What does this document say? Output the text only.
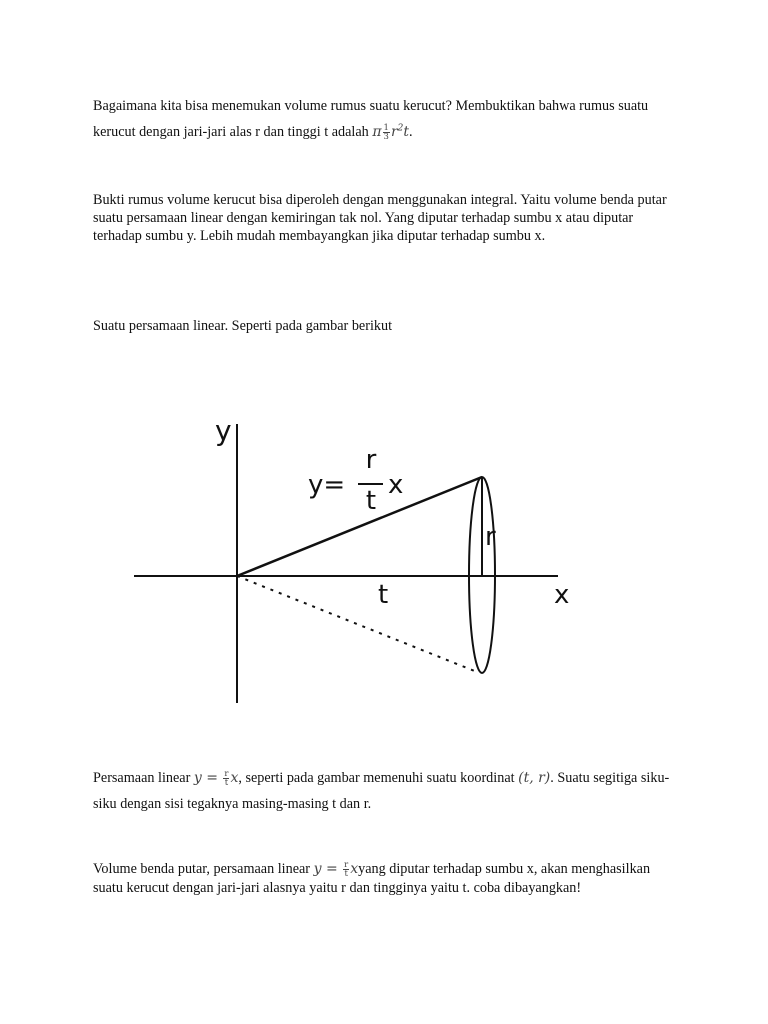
Bagaimana kita bisa menemukan volume rumus suatu kerucut? Membuktikan bahwa rumus suatu kerucut dengan jari-jari alas r dan tinggi t adalah π $\frac{1}{3} r^2t$.

Bukti rumus volume kerucut bisa diperoleh dengan menggunakan integral. Yaitu volume benda putar suatu persamaan linear dengan kemiringan tak nol. Yang diputar terhadap sumbu x atau diputar terhadap sumbu y. Lebih mudah membayangkan jika diputar terhadap sumbu x.

Suatu persamaan linear. Seperti pada gambar berikut

y
x
y=
r
t
x
r
t

Persamaan linear $y = \frac{r}{t} x$, seperti pada gambar memenuhi suatu koordinat (t, r). Suatu segitiga siku-siku dengan sisi tegaknya masing-masing t dan r.

Volume benda putar, persamaan linear $y = \frac{r}{t}$ xyang diputar terhadap sumbu x, akan menghasilkan suatu kerucut dengan jari-jari alasnya yaitu r dan tingginya yaitu t. coba dibayangkan!
